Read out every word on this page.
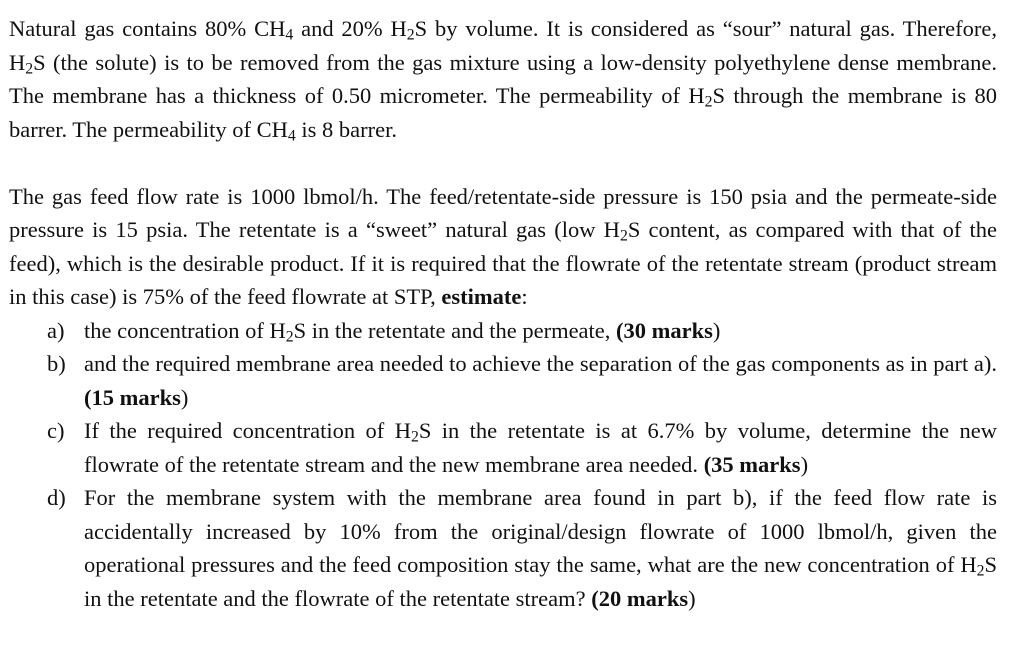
Natural gas contains 80% $CH_4$ and 20% $H_2S$ by volume. It is considered as “sour” natural gas. Therefore, $H_2S$ (the solute) is to be removed from the gas mixture using a low-density polyethylene dense membrane. The membrane has a thickness of 0.50 micrometer. The permeability of $H_2S$ through the membrane is 80 barrer. The permeability of $CH_4$ is 8 barrer.

The gas feed flow rate is 1000 lbmol/h. The feed/retentate-side pressure is 150 psia and the permeate-side pressure is 15 psia. The retentate is a “sweet” natural gas (low $H_2S$ content, as compared with that of the feed), which is the desirable product. If it is required that the flowrate of the retentate stream (product stream in this case) is 75% of the feed flowrate at STP, estimate:

a) the concentration of $H_2S$ in the retentate and the permeate, (30 marks)
b) and the required membrane area needed to achieve the separation of the gas components as in part a). (15 marks)
c) If the required concentration of $H_2S$ in the retentate is at 6.7% by volume, determine the new flowrate of the retentate stream and the new membrane area needed. (35 marks)
d) For the membrane system with the membrane area found in part b), if the feed flow rate is accidentally increased by 10% from the original/design flowrate of 1000 lbmol/h, given the operational pressures and the feed composition stay the same, what are the new concentration of $H_2S$ in the retentate and the flowrate of the retentate stream? (20 marks)
